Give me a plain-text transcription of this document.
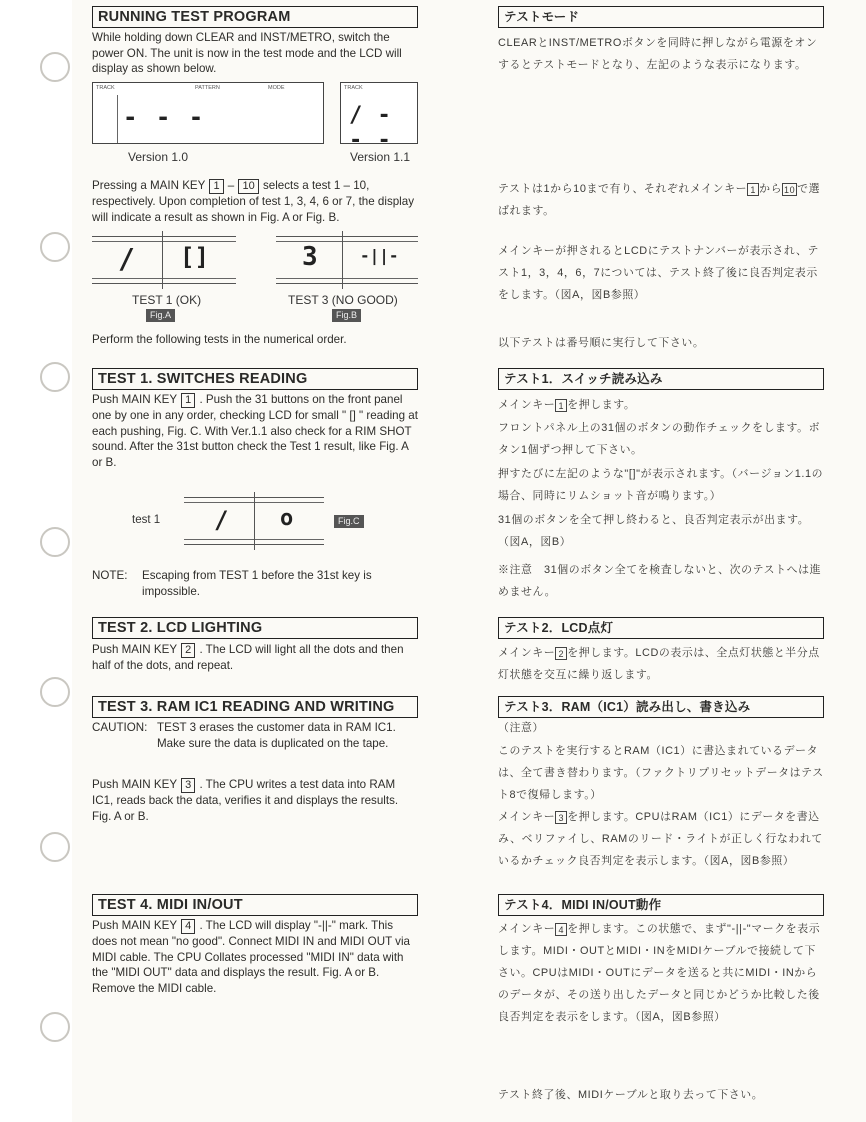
RUNNING TEST PROGRAM

While holding down CLEAR and INST/METRO, switch the power ON. The unit is now in the test mode and the LCD will display as shown below.

TRACK	PATTERN	MODE
- - -
TRACK
/ - - -
Version 1.0	Version 1.1

Pressing a MAIN KEY 1 – 10 selects a test 1 – 10, respectively. Upon completion of test 1, 3, 4, 6 or 7, the display will indicate a result as shown in Fig. A or Fig. B.

/ []
TEST 1 (OK)
Fig.A
3	-||-
TEST 3 (NO GOOD)
Fig.B

Perform the following tests in the numerical order.

TEST 1. SWITCHES READING

Push MAIN KEY 1 . Push the 31 buttons on the front panel one by one in any order, checking LCD for small " [] " reading at each pushing, Fig. C. With Ver.1.1 also check for a RIM SHOT sound. After the 31st button check the Test 1 result, like Fig. A or B.

test 1 / o	Fig.C

NOTE: Escaping from TEST 1 before the 31st key is impossible.

TEST 2. LCD LIGHTING

Push MAIN KEY 2 . The LCD will light all the dots and then half of the dots, and repeat.

TEST 3. RAM IC1 READING AND WRITING
CAUTION: TEST 3 erases the customer data in RAM IC1. Make sure the data is duplicated on the tape.

Push MAIN KEY 3 . The CPU writes a test data into RAM IC1, reads back the data, verifies it and displays the results. Fig. A or B.

TEST 4. MIDI IN/OUT

Push MAIN KEY 4 . The LCD will display "-||-" mark. This does not mean "no good". Connect MIDI IN and MIDI OUT via MIDI cable. The CPU Collates processed "MIDI IN" data with the "MIDI OUT" data and displays the result. Fig. A or B. Remove the MIDI cable.

テストモード

CLEARとINST/METROボタンを同時に押しながら電源をオンするとテストモードとなり、左記のような表示になります。

テストは1から10まで有り、それぞれメインキー 1 から 10 で選ばれます。

メインキーが押されるとLCDにテストナンバーが表示され、テスト1，3，4，6，7については、テスト終了後に良否判定表示をします。（図A，図B参照）

以下テストは番号順に実行して下さい。

テスト1．スイッチ読み込み

メインキー 1 を押します。

フロントパネル上の31個のボタンの動作チェックをします。ボタン1個ずつ押して下さい。

押すたびに左記のような"[]"が表示されます。（バージョン1.1の場合、同時にリムショット音が鳴ります。）

31個のボタンを全て押し終わると、良否判定表示が出ます。（図A，図B）

※注意　31個のボタン全てを検査しないと、次のテストへは進めません。

テスト2．LCD点灯

メインキー 2 を押します。LCDの表示は、全点灯状態と半分点灯状態を交互に繰り返します。

テスト3．RAM（IC1）読み出し、書き込み

（注意）

このテストを実行するとRAM（IC1）に書込まれているデータは、全て書き替わります。（ファクトリプリセットデータはテスト8で復帰します。）

メインキー 3 を押します。CPUはRAM（IC1）にデータを書込み、ベリファイし、RAMのリード・ライトが正しく行なわれているかチェック良否判定を表示します。（図A，図B参照）

テスト4．MIDI IN/OUT動作

メインキー 4 を押します。この状態で、まず"-||-"マークを表示します。MIDI・OUTとMIDI・INをMIDIケーブルで接続して下さい。CPUはMIDI・OUTにデータを送ると共にMIDI・INからのデータが、その送り出したデータと同じかどうか比較した後良否判定を表示をします。（図A，図B参照）

テスト終了後、MIDIケーブルと取り去って下さい。
